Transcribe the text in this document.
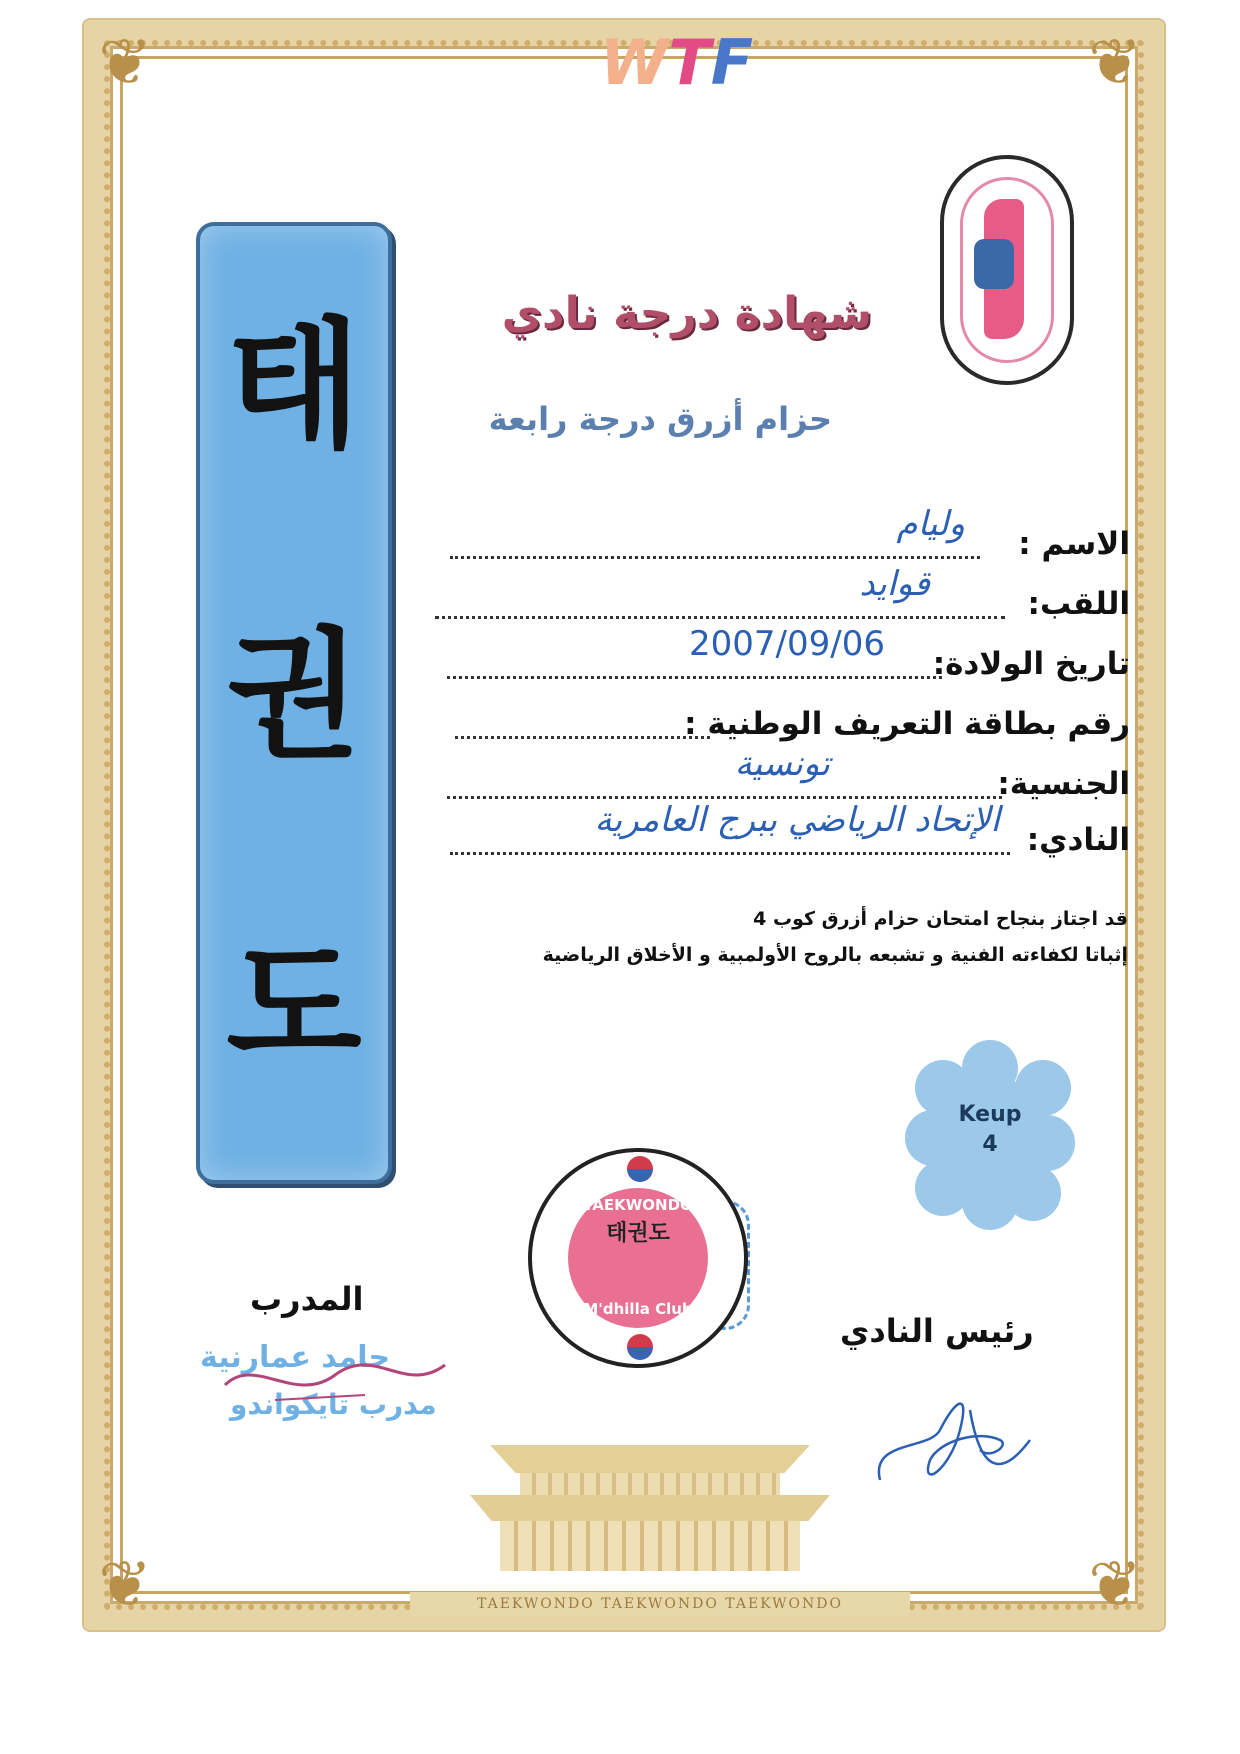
❦	❦
❦	❦
WTF
태
권
도
شهادة درجة نادي
حزام أزرق درجة رابعة
الاسم :
وليام
اللقب:
قوايد
تاريخ الولادة:
2007/09/06
رقم بطاقة التعريف الوطنية :
الجنسية:
تونسية
النادي:
الإتحاد الرياضي ببرج العامرية
قد اجتاز بنجاح امتحان حزام أزرق كوب 4
إثباتا لكفاءته الفنية و تشبعه بالروح الأولمبية و الأخلاق الرياضية
Keup
4
TAEKWONDO
태권도
M'dhilla Club
المدرب
حامد عمارنية
مدرب تايكواندو
رئيس النادي
TAEKWONDO TAEKWONDO TAEKWONDO
